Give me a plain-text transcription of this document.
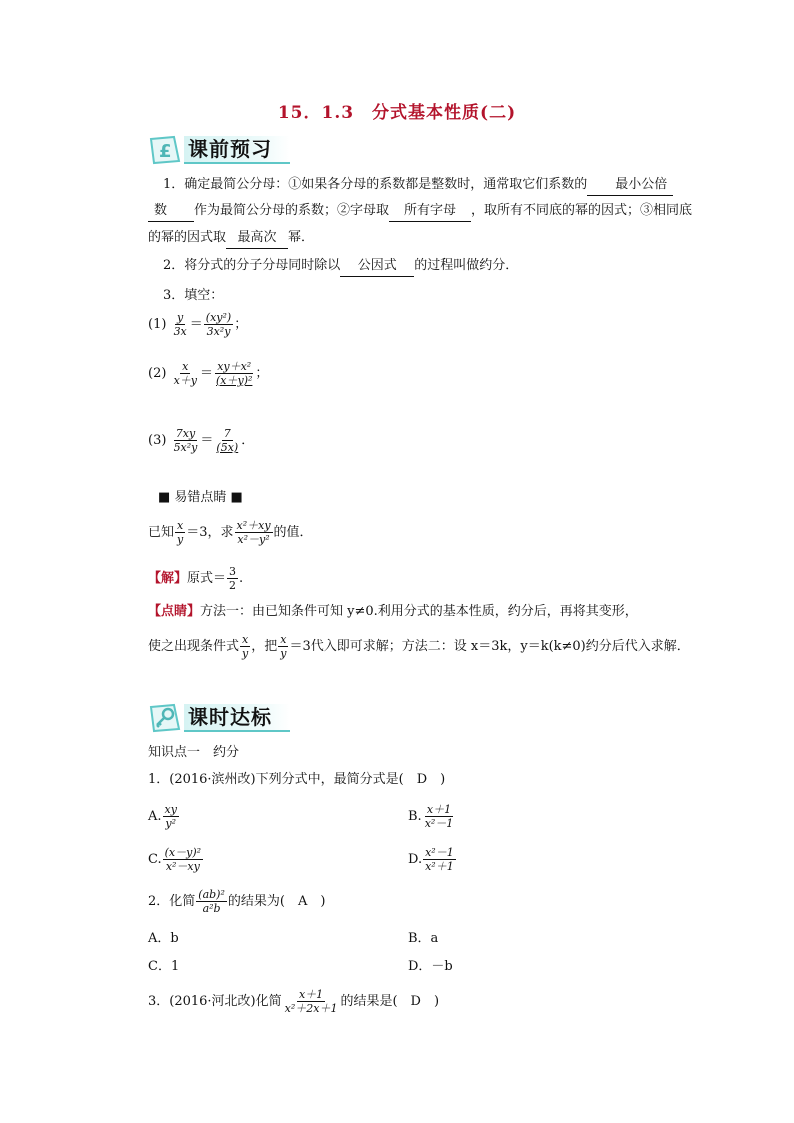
15．1.3　分式基本性质(二)
£ 课前预习
1．确定最简公分母：①如果各分母的系数都是整数时，通常取它们系数的 最小公倍
数 作为最简公分母的系数；②字母取 所有字母 ，取所有不同底的幂的因式；③相同底
的幂的因式取 最高次 幂．
2．将分式的分子分母同时除以 公因式 的过程叫做约分．
3．填空：
$(1) \frac{y}{3x} = \frac{\text{(xy²)}}{\text{3x²y}}$ ；
$(2) \frac{x}{x+y} = \frac{\text{xy＋x²}}{\text{(x＋y)²}}$ ；
$(3) \frac{7xy}{\text{5x²y}} = \frac{7}{(5x)}$ ．
■ 易错点睛 ■
已知 $\frac{x}{y} =3$，求 $\frac{\text{x²＋xy}}{\text{x²－y²}}$ 的值．
【解】原式＝ $\frac{3}{2}$ .
【点睛】方法一：由已知条件可知 y≠0.利用分式的基本性质，约分后，再将其变形，
使之出现条件式 $\frac{x}{y}$ ，把 $\frac{x}{y} =3$代入即可求解；方法二：设 x＝3k，y＝k(k≠0)约分后代入求解．
课时达标
知识点一　约分
1．(2016·滨州改)下列分式中，最简分式是(　D　)
A. $\frac{xy}{\text{y²}}$	B. $\frac{x+1}{\text{x²－1}}$
C. $\frac{\text{(x－y)²}}{\text{x²－xy}}$	D. $\frac{\text{x²－1}}{\text{x²＋1}}$
2．化简 $\frac{\text{(ab)²}}{\text{a²b}}$ 的结果为(　A　)
A．b	B．a
C．1	D．－b
3．(2016·河北改)化简 $\frac{x+1}{\text{x²＋2x＋1}}$ 的结果是(　D　)
